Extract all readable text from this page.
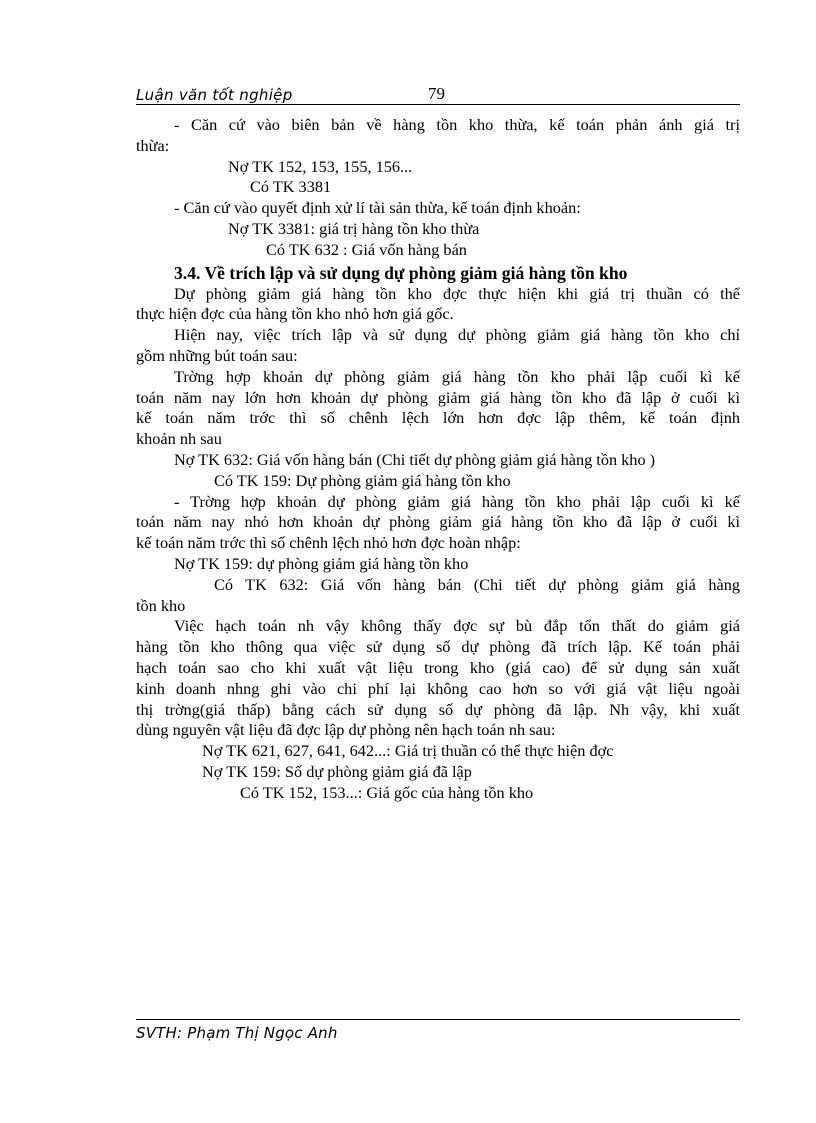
Luận văn tốt nghiệp	79
- Căn cứ vào biên bản về hàng tồn kho thừa, kế toán phản ánh giá trị
thừa:
Nợ TK 152, 153, 155, 156...
Có TK 3381
- Căn cứ vào quyết định xử lí tài sản thừa, kế toán định khoản:
Nợ TK 3381: giá trị hàng tồn kho thừa
Có TK 632 : Giá vốn hàng bán
3.4. Về trích lập và sử dụng dự phòng giảm giá hàng tồn kho
Dự phòng giảm giá hàng tồn kho đợc thực hiện khi giá trị thuần có thể
thực hiện đợc của hàng tồn kho nhỏ hơn giá gốc.
Hiện nay, việc trích lập và sử dụng dự phòng giảm giá hàng tồn kho chỉ
gồm những bút toán sau:
Trờng hợp khoản dự phòng giảm giá hàng tồn kho phải lập cuối kì kế
toán năm nay lớn hơn khoản dự phòng giảm giá hàng tồn kho đã lập ở cuối kì
kế toán năm trớc thì số chênh lệch lớn hơn đợc lập thêm, kế toán định
khoản nh sau
Nợ TK 632: Giá vốn hàng bán (Chi tiết dự phòng giảm giá hàng tồn kho )
Có TK 159: Dự phòng giảm giá hàng tồn kho
- Trờng hợp khoản dự phòng giảm giá hàng tồn kho phải lập cuối kì kế
toán năm nay nhỏ hơn khoản dự phòng giảm giá hàng tồn kho đã lập ở cuối kì
kế toán năm trớc thì số chênh lệch nhỏ hơn đợc hoàn nhập:
Nợ TK 159: dự phòng giảm giá hàng tồn kho
Có TK 632: Giá vốn hàng bán (Chi tiết dự phòng giảm giá hàng
tồn kho
Việc hạch toán nh vậy không thấy đợc sự bù đắp tổn thất do giảm giá
hàng tồn kho thông qua việc sử dụng số dự phòng đã trích lập. Kế toán phải
hạch toán sao cho khi xuất vật liệu trong kho (giá cao) để sử dụng sản xuất
kinh doanh nhng ghi vào chi phí lại không cao hơn so với giá vật liệu ngoài
thị trờng(giá thấp) bằng cách sử dụng số dự phòng đã lập. Nh vậy, khi xuất
dùng nguyên vật liệu đã đợc lập dự phòng nên hạch toán nh sau:
Nợ TK 621, 627, 641, 642...: Giá trị thuần có thể thực hiện đợc
Nợ TK 159: Số dự phòng giảm giá đã lập
Có TK 152, 153...: Giá gốc của hàng tồn kho
SVTH: Phạm Thị Ngọc Anh
